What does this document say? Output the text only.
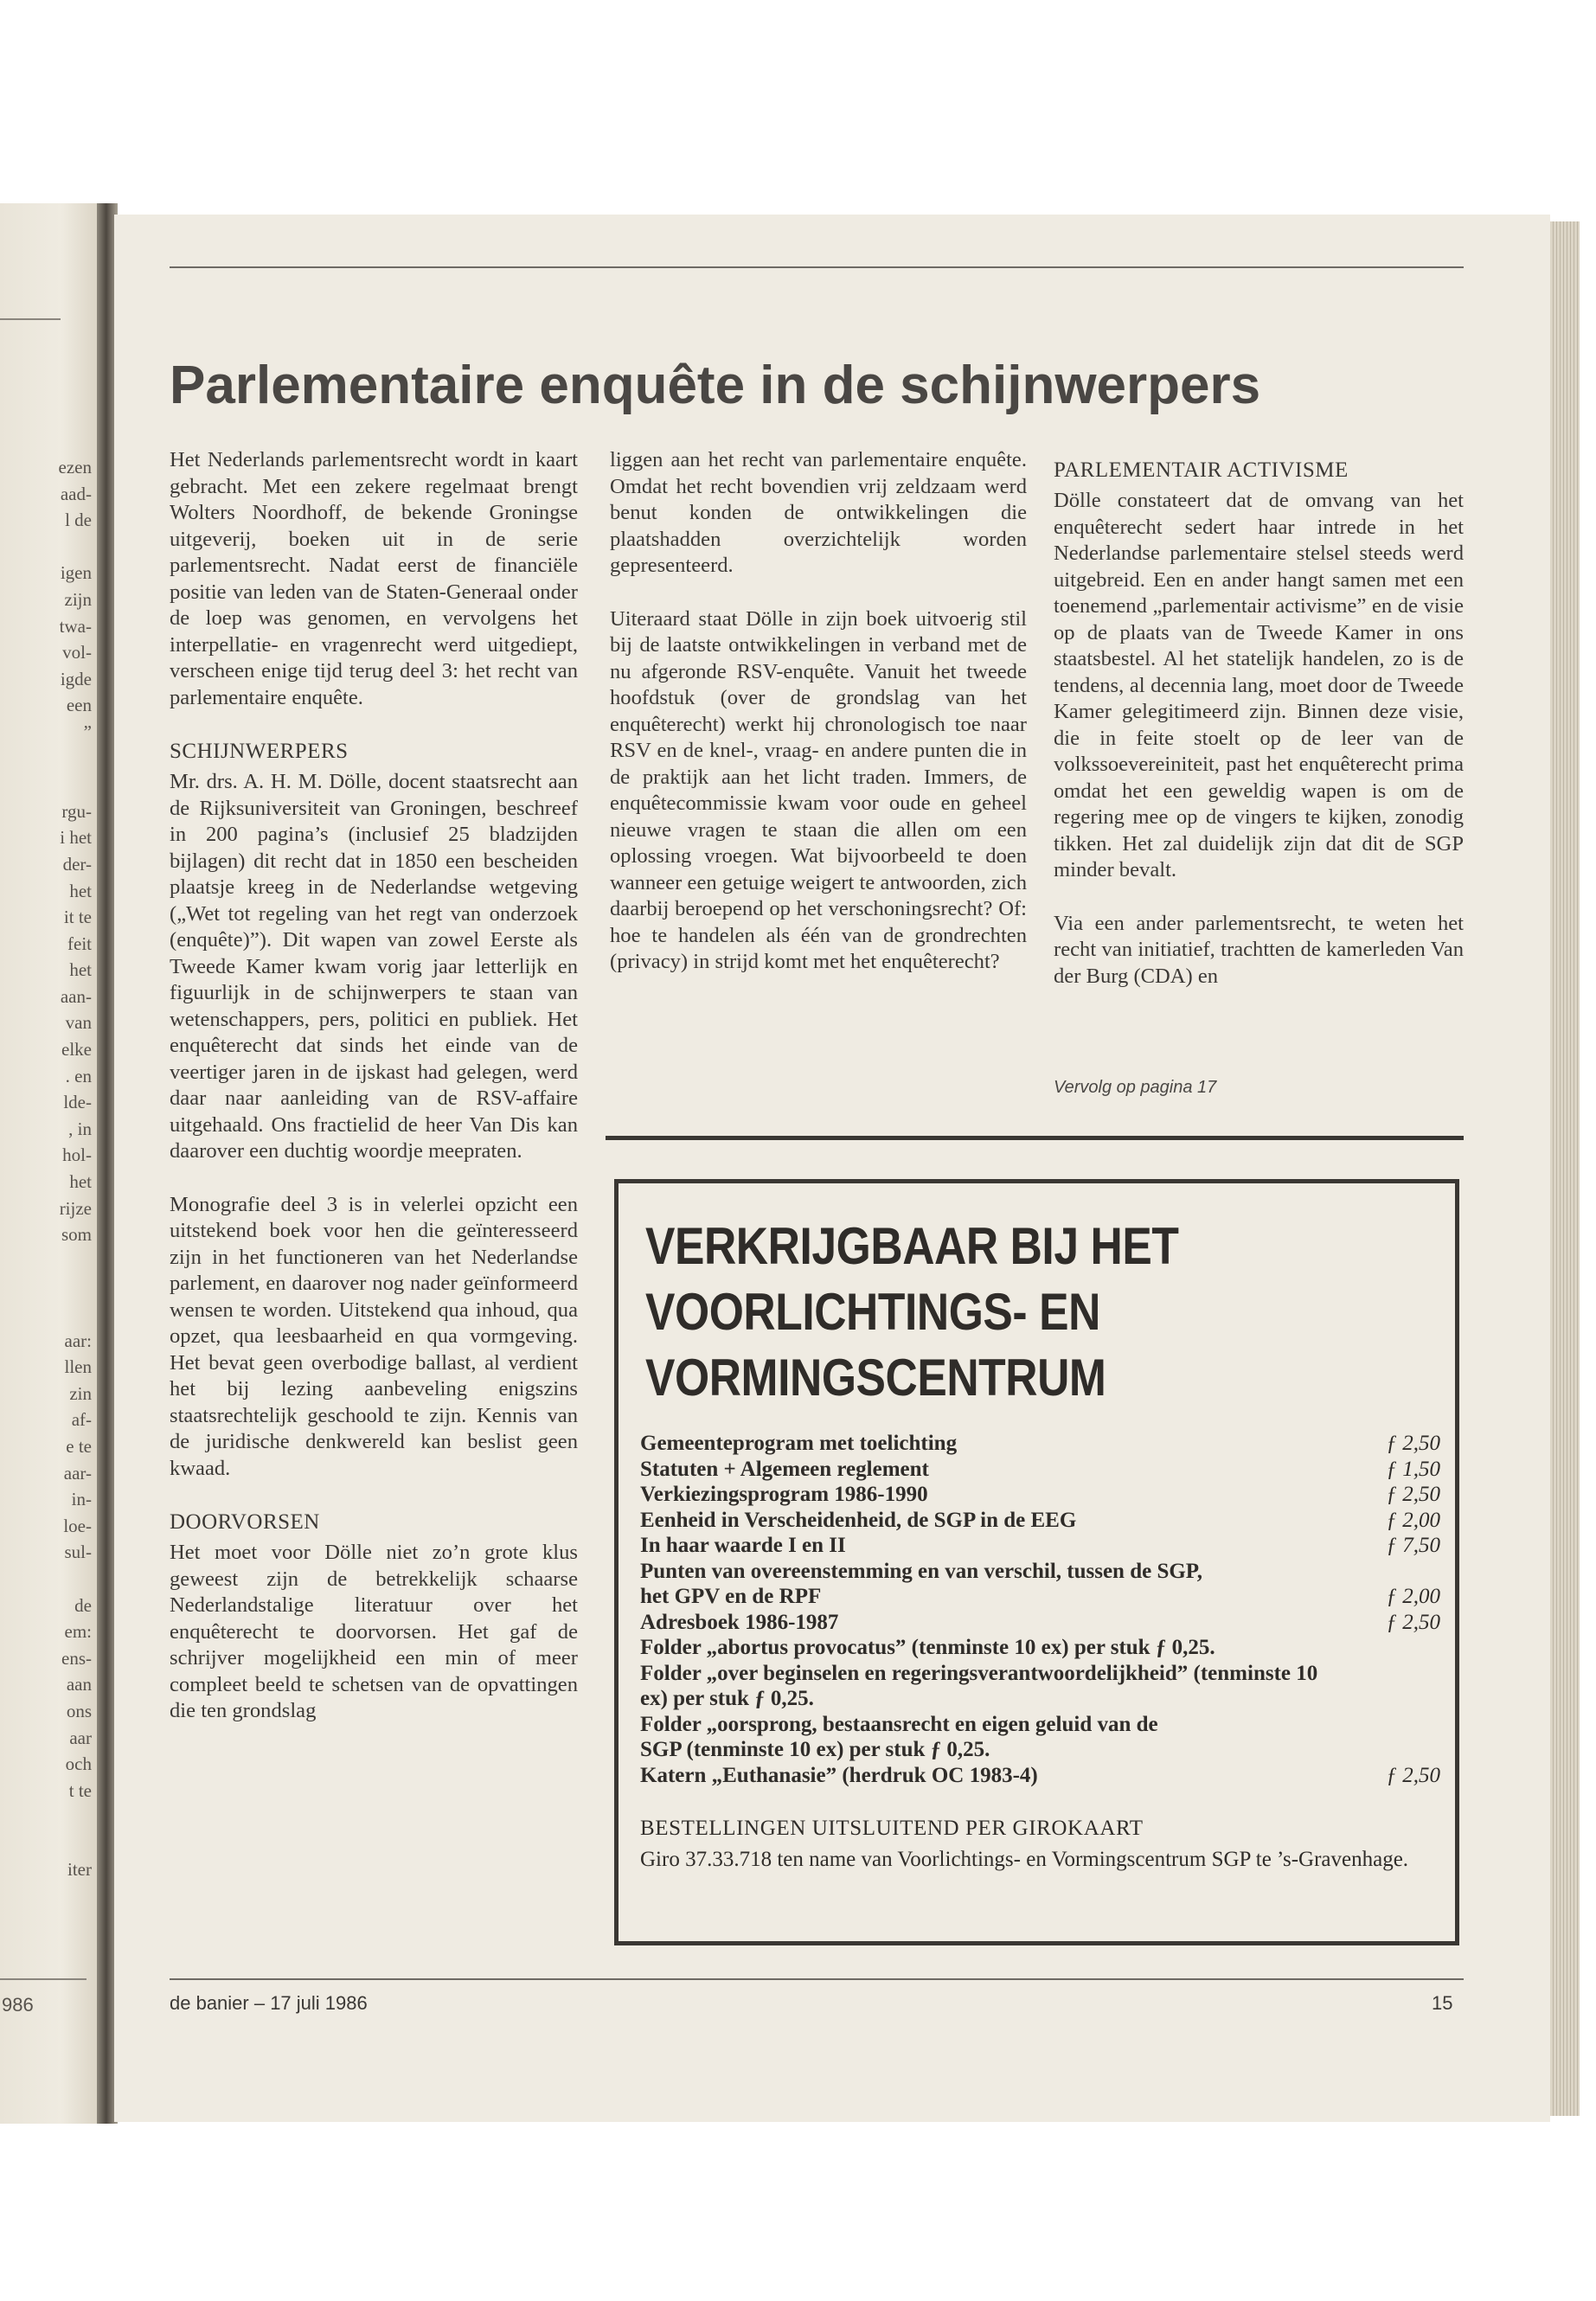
ezen
aad-
l de
igen
zijn
twa-
vol-
igde
een
”
rgu-
i het
der-
het
it te
feit
het
aan-
van
elke
. en
lde-
, in
hol-
het
rijze
som
aar:
llen
zin
af-
e te
aar-
in-
loe-
sul-
de
em:
ens-
aan
ons
aar
och
t te
iter
986
Parlementaire enquête in de schijnwerpers

Het Nederlands parlementsrecht wordt in kaart gebracht. Met een zekere regelmaat brengt Wolters Noordhoff, de bekende Groningse uitgeverij, boeken uit in de serie parlementsrecht. Nadat eerst de financiële positie van leden van de Staten-Generaal onder de loep was genomen, en vervolgens het interpellatie- en vragenrecht werd uitgediept, verscheen enige tijd terug deel 3: het recht van parlementaire enquête.

SCHIJNWERPERS

Mr. drs. A. H. M. Dölle, docent staatsrecht aan de Rijksuniversiteit van Groningen, beschreef in 200 pagina’s (inclusief 25 bladzijden bijlagen) dit recht dat in 1850 een bescheiden plaatsje kreeg in de Nederlandse wetgeving („Wet tot regeling van het regt van onderzoek (enquête)”). Dit wapen van zowel Eerste als Tweede Kamer kwam vorig jaar letterlijk en figuurlijk in de schijnwerpers te staan van wetenschappers, pers, politici en publiek. Het enquêterecht dat sinds het einde van de veertiger jaren in de ijskast had gelegen, werd daar naar aanleiding van de RSV-affaire uitgehaald. Ons fractielid de heer Van Dis kan daarover een duchtig woordje meepraten.

Monografie deel 3 is in velerlei opzicht een uitstekend boek voor hen die geïnteresseerd zijn in het functioneren van het Nederlandse parlement, en daarover nog nader geïnformeerd wensen te worden. Uitstekend qua inhoud, qua opzet, qua leesbaarheid en qua vormgeving. Het bevat geen overbodige ballast, al verdient het bij lezing aanbeveling enigszins staatsrechtelijk geschoold te zijn. Kennis van de juridische denkwereld kan beslist geen kwaad.

DOORVORSEN

Het moet voor Dölle niet zo’n grote klus geweest zijn de betrekkelijk schaarse Nederlandstalige literatuur over het enquêterecht te doorvorsen. Het gaf de schrijver mogelijkheid een min of meer compleet beeld te schetsen van de opvattingen die ten grondslag

liggen aan het recht van parlementaire enquête. Omdat het recht bovendien vrij zeldzaam werd benut konden de ontwikkelingen die plaatshadden overzichtelijk worden gepresenteerd.

Uiteraard staat Dölle in zijn boek uitvoerig stil bij de laatste ontwikkelingen in verband met de nu afgeronde RSV-enquête. Vanuit het tweede hoofdstuk (over de grondslag van het enquêterecht) werkt hij chronologisch toe naar RSV en de knel-, vraag- en andere punten die in de praktijk aan het licht traden. Immers, de enquêtecommissie kwam voor oude en geheel nieuwe vragen te staan die allen om een oplossing vroegen. Wat bijvoorbeeld te doen wanneer een getuige weigert te antwoorden, zich daarbij beroepend op het verschoningsrecht? Of: hoe te handelen als één van de grondrechten (privacy) in strijd komt met het enquêterecht?

PARLEMENTAIR ACTIVISME

Dölle constateert dat de omvang van het enquêterecht sedert haar intrede in het Nederlandse parlementaire stelsel steeds werd uitgebreid. Een en ander hangt samen met een toenemend „parlementair activisme” en de visie op de plaats van de Tweede Kamer in ons staatsbestel. Al het statelijk handelen, zo is de tendens, al decennia lang, moet door de Tweede Kamer gelegitimeerd zijn. Binnen deze visie, die in feite stoelt op de leer van de volkssoevereiniteit, past het enquêterecht prima omdat het een geweldig wapen is om de regering mee op de vingers te kijken, zonodig tikken. Het zal duidelijk zijn dat dit de SGP minder bevalt.

Via een ander parlementsrecht, te weten het recht van initiatief, trachtten de kamerleden Van der Burg (CDA) en

Vervolg op pagina 17
VERKRIJGBAAR BIJ HET
VOORLICHTINGS- EN
VORMINGSCENTRUM
Gemeenteprogram met toelichting	ƒ 2,50
Statuten + Algemeen reglement	ƒ 1,50
Verkiezingsprogram 1986-1990	ƒ 2,50
Eenheid in Verscheidenheid, de SGP in de EEG	ƒ 2,00
In haar waarde I en II	ƒ 7,50
Punten van overeenstemming en van verschil, tussen de SGP,
het GPV en de RPF	ƒ 2,00
Adresboek 1986-1987	ƒ 2,50
Folder „abortus provocatus” (tenminste 10 ex) per stuk ƒ 0,25.
Folder „over beginselen en regeringsverantwoordelijkheid” (tenminste 10
ex) per stuk ƒ 0,25.
Folder „oorsprong, bestaansrecht en eigen geluid van de
SGP (tenminste 10 ex) per stuk ƒ 0,25.
Katern „Euthanasie” (herdruk OC 1983-4)	ƒ 2,50
BESTELLINGEN UITSLUITEND PER GIROKAART
Giro 37.33.718 ten name van Voorlichtings- en Vormingscentrum SGP te ’s-Gravenhage.
de banier – 17 juli 1986	15
